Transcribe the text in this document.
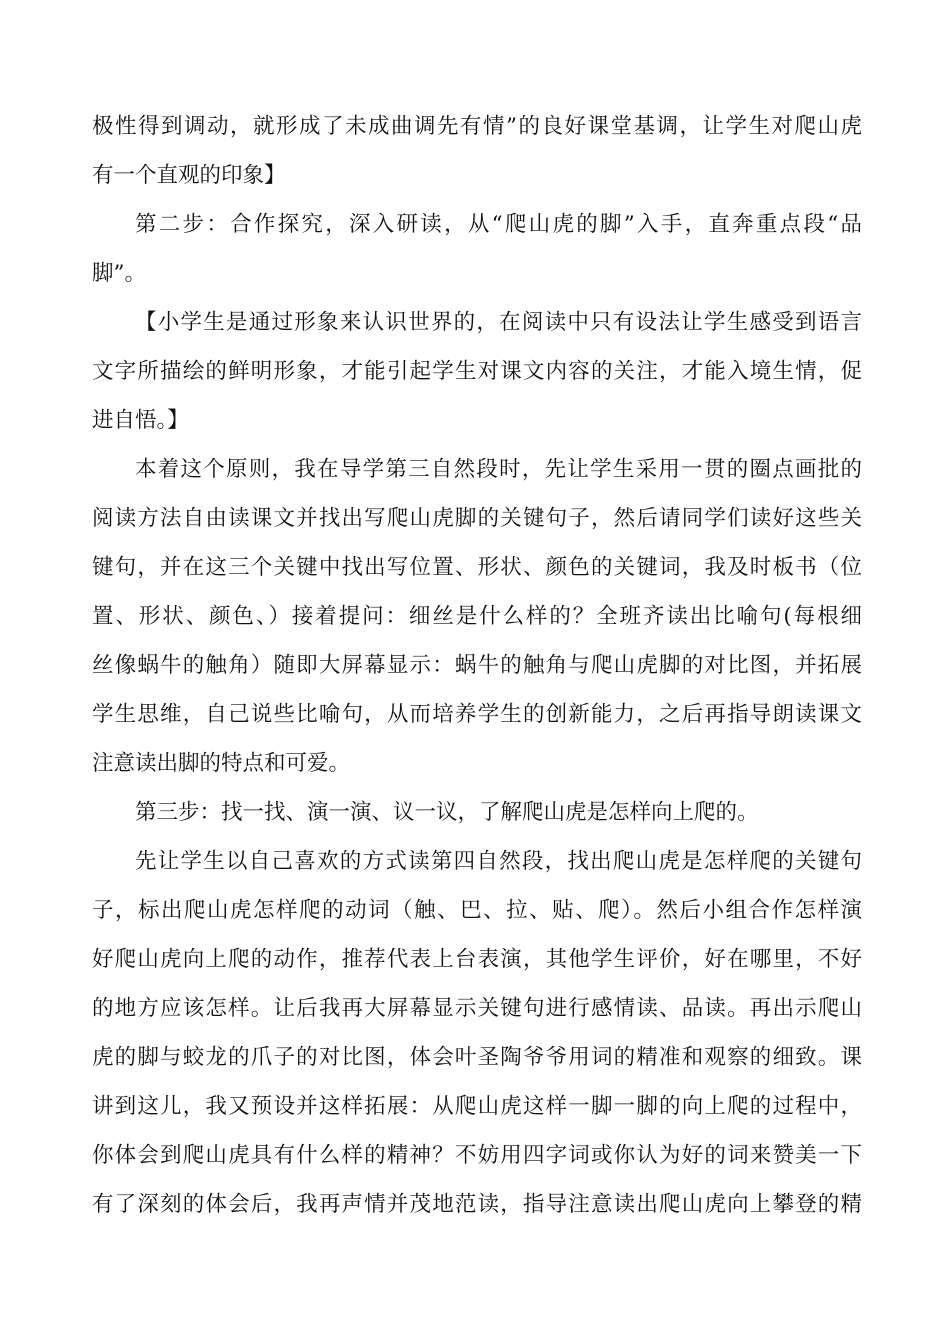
极性得到调动，就形成了未成曲调先有情”的良好课堂基调，让学生对爬山虎
有一个直观的印象】
第二步：合作探究，深入研读，从“爬山虎的脚”入手，直奔重点段“品
脚”。
【小学生是通过形象来认识世界的，在阅读中只有设法让学生感受到语言
文字所描绘的鲜明形象，才能引起学生对课文内容的关注，才能入境生情，促
进自悟。】
本着这个原则，我在导学第三自然段时，先让学生采用一贯的圈点画批的
阅读方法自由读课文并找出写爬山虎脚的关键句子，然后请同学们读好这些关
键句，并在这三个关键中找出写位置、形状、颜色的关键词，我及时板书（位
置、形状、颜色、）接着提问：细丝是什么样的？全班齐读出比喻句(每根细
丝像蜗牛的触角）随即大屏幕显示：蜗牛的触角与爬山虎脚的对比图，并拓展
学生思维，自己说些比喻句，从而培养学生的创新能力，之后再指导朗读课文
注意读出脚的特点和可爱。
第三步：找一找、演一演、议一议，了解爬山虎是怎样向上爬的。
先让学生以自己喜欢的方式读第四自然段，找出爬山虎是怎样爬的关键句
子，标出爬山虎怎样爬的动词（触、巴、拉、贴、爬）。然后小组合作怎样演
好爬山虎向上爬的动作，推荐代表上台表演，其他学生评价，好在哪里，不好
的地方应该怎样。让后我再大屏幕显示关键句进行感情读、品读。再出示爬山
虎的脚与蛟龙的爪子的对比图，体会叶圣陶爷爷用词的精准和观察的细致。课
讲到这儿，我又预设并这样拓展：从爬山虎这样一脚一脚的向上爬的过程中，
你体会到爬山虎具有什么样的精神？不妨用四字词或你认为好的词来赞美一下
有了深刻的体会后，我再声情并茂地范读，指导注意读出爬山虎向上攀登的精
